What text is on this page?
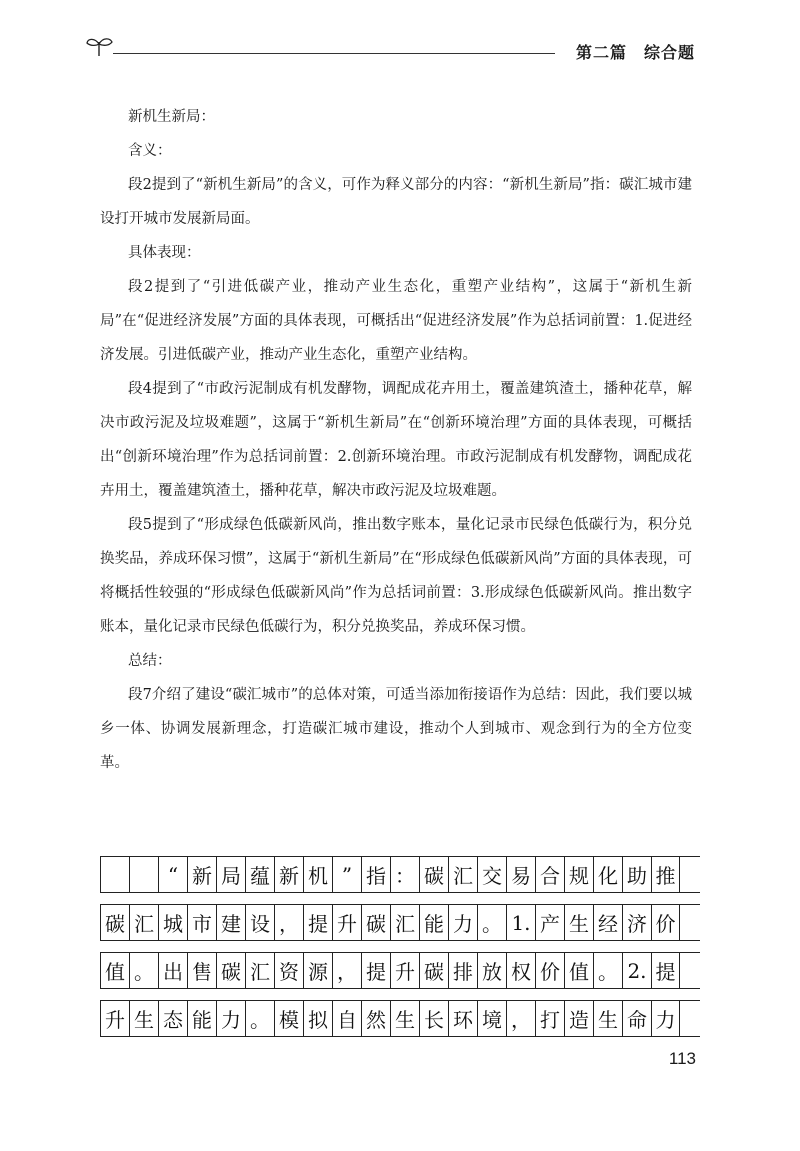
第二篇　综合题

新机生新局：

含义：

段2提到了“新机生新局”的含义，可作为释义部分的内容：“新机生新局”指：碳汇城市建设打开城市发展新局面。

具体表现：

段2提到了“引进低碳产业，推动产业生态化，重塑产业结构”，这属于“新机生新局”在“促进经济发展”方面的具体表现，可概括出“促进经济发展”作为总括词前置：1.促进经济发展。引进低碳产业，推动产业生态化，重塑产业结构。

段4提到了“市政污泥制成有机发酵物，调配成花卉用土，覆盖建筑渣土，播种花草，解决市政污泥及垃圾难题”，这属于“新机生新局”在“创新环境治理”方面的具体表现，可概括出“创新环境治理”作为总括词前置：2.创新环境治理。市政污泥制成有机发酵物，调配成花卉用土，覆盖建筑渣土，播种花草，解决市政污泥及垃圾难题。

段5提到了“形成绿色低碳新风尚，推出数字账本，量化记录市民绿色低碳行为，积分兑换奖品，养成环保习惯”，这属于“新机生新局”在“形成绿色低碳新风尚”方面的具体表现，可将概括性较强的“形成绿色低碳新风尚”作为总括词前置：3.形成绿色低碳新风尚。推出数字账本，量化记录市民绿色低碳行为，积分兑换奖品，养成环保习惯。

总结：

段7介绍了建设“碳汇城市”的总体对策，可适当添加衔接语作为总结：因此，我们要以城乡一体、协调发展新理念，打造碳汇城市建设，推动个人到城市、观念到行为的全方位变革。

“ 新 局 蕴 新 机 ” 指 ： 碳 汇 交 易 合 规 化 助 推
碳 汇 城 市 建 设 ， 提 升 碳 汇 能 力 。 1. 产 生 经 济 价
值 。 出 售 碳 汇 资 源 ， 提 升 碳 排 放 权 价 值 。 2. 提
升 生 态 能 力 。 模 拟 自 然 生 长 环 境 ， 打 造 生 命 力
113
